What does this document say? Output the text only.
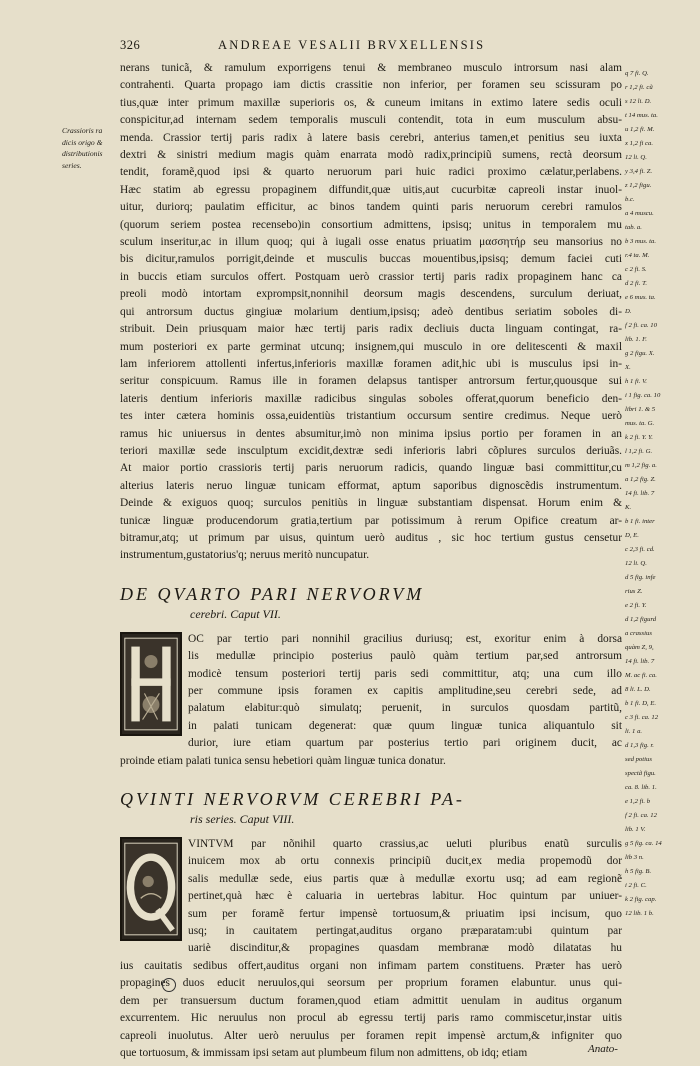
326	ANDREAE VESALII BRVXELLENSIS
Crassioris ra
dicis origo &
distributionis
series.
q 7 fi. Q.
r 1,2 fi. cũ
s 12 li. D.
t 14 mus. ta.
u 1,2 fi. M.
x 1,2 fi ca.
12 li. Q.
y 3,4 fi. Z.
z 1,2 figu.
b.c.
a 4 muscu.
tab. a.
b 3 mus. ta.
r.4 ta. M.
c 2 fi. S.
d 2 fi. T.
e 6 mus. ta.
D.
f 2 fi. ca. 10
lib. 1. F.
g 2 figu. X.
X.
h 1 fi. V.
i 1 fig. ca. 10
libri 1. & 5
mus. ta. G.
k 2 fi. Y. Y.
l 1,2 fi. G.
m 1,2 fig. a.
a 1,2 fig. Z.
14 fi. lib. 7
K.
b 1 fi. inter
D, E.
c 2,3 fi. cd.
12 li. Q.
d 5 fig. infe
rius Z.
e 2 fi. Y.
d 1,2 figurd
a crassius
quàm Z, 9,
14 fi. lib. 7
M. ac fi. ca.
8 li. L. D.
b 1 fi. D, E.
c 3 fi. ca. 12
li. 1 a.
d 1,3 fig. r.
sed potius
spectã figu.
ca. 8. lib. 1.
e 1,2 fi. b
f 2 fi. ca. 12
lib. 1 V.
g 5 fig. ca. 14
lib 3 n.
h 5 fig. B.
i 2 fi. C.
k 2 fig. cap.
12 lib. 1 b.
nerans tunicã, & ramulum exporrigens tenui & membraneo musculo introrsum nasi alam
contrahenti. Quarta propago iam dictis crassitie non inferior, per foramen seu scissuram po
tius,quæ inter primum maxillæ superioris os, & cuneum imitans in extimo latere sedis oculi
conspicitur,ad internam sedem temporalis musculi contendit, tota in eum musculum absu-
menda. Crassior tertij paris radix à latere basis cerebri, anterius tamen,et penitius seu iuxta
dextri & sinistri medium magis quàm enarrata modò radix,principiũ sumens, rectà deorsum
tendit, foramẽ,quod ipsi & quarto neruorum pari huic radici proximo cælatur,perlabens.
Hæc statim ab egressu propaginem diffundit,quæ uitis,aut cucurbitæ capreoli instar inuol-
uitur, duriorq; paulatim efficitur, ac binos tandem quinti paris neruorum cerebri ramulos
(quorum seriem postea recensebo)in consortium admittens, ipsisq; unitus in temporalem mu
sculum inseritur,ac in illum quoq; qui à iugali osse enatus priuatim μασσητήρ seu mansorius no
bis dicitur,ramulos porrigit,deinde et musculis buccas mouentibus,ipsisq; demum faciei cuti
in buccis etiam surculos offert. Postquam uerò crassior tertij paris radix propaginem hanc ca
preoli modò intortam exprompsit,nonnihil deorsum magis descendens, surculum deriuat,
qui antrorsum ductus gingiuæ molarium dentium,ipsisq; adeò dentibus seriatim soboles di-
stribuit. Dein priusquam maior hæc tertij paris radix decliuis ducta linguam contingat, ra-
mum posteriori ex parte germinat utcunq; insignem,qui musculo in ore delitescenti & maxil
lam inferiorem attollenti infertus,inferioris maxillæ foramen adit,hic ubi is musculus ipsi in-
seritur conspicuum. Ramus ille in foramen delapsus tantisper antrorsum fertur,quousque sui
lateris dentium inferioris maxillæ radicibus singulas soboles offerat,quorum beneficio den-
tes inter cætera hominis ossa,euidentiùs tristantium occursum sentire credimus. Neque uerò
ramus hic uniuersus in dentes absumitur,imò non minima ipsius portio per foramen in an
teriori maxillæ sede insculptum excidit,dextræ sedi inferioris labri cõplures surculos deriuãs.
At maior portio crassioris tertij paris neruorum radicis, quando linguæ basi committitur,cu
alterius lateris neruo linguæ tunicam efformat, aptum saporibus dignoscẽdis instrumentum.
Deinde & exiguos quoq; surculos penitiùs in linguæ substantiam dispensat. Horum enim &
tunicæ linguæ producendorum gratia,tertium par potissimum à rerum Opifice creatum ar-
bitramur,atq; ut primum par uisus, quintum uerò auditus , sic hoc tertium gustus censetur
instrumentum,gustatorius'q; neruus meritò nuncupatur.
DE QVARTO PARI NERVORVM
cerebri. Caput VII.
OC par tertio pari nonnihil gracilius duriusq; est, exoritur enim à dorsa
lis medullæ principio posterius paulò quàm tertium par,sed antrorsum
modicè tensum posteriori tertij paris sedi committitur, atq; una cum illo
per commune ipsis foramen ex capitis amplitudine,seu cerebri sede, ad
palatum elabitur:quò simulatq; peruenit, in surculos quosdam partitũ,
in palati tunicam degenerat: quæ quum linguæ tunica aliquantulo sit
durior, iure etiam quartum par posterius tertio pari originem ducit, ac
proinde etiam palati tunica sensu hebetiori quàm linguæ tunica donatur.
QVINTI NERVORVM CEREBRI PA-
ris series. Caput VIII.
VINTVM par nõnihil quarto crassius,ac ueluti pluribus enatũ surculis
inuicem mox ab ortu connexis principiũ ducit,ex media propemodũ dor
salis medullæ sede, eius partis quæ à medullæ exortu usq; ad eam regionẽ
pertinet,quà hæc è caluaria in uertebras labitur. Hoc quintum par uniuer-
sum per foramẽ fertur impensè tortuosum,& priuatim ipsi incisum, quo
usq; in cauitatem pertingat,auditus organo præparatam:ubi quintum par
uariè discinditur,& propagines quasdam membranæ modò dilatatas hu
ius cauitatis sedibus offert,auditus organi non infimam partem constituens. Præter has uerò
propagines duos educit neruulos,qui seorsum per proprium foramen elabuntur. unus qui-
dem per transuersum ductum foramen,quod etiam admittit uenulam in auditus organum
excurrentem. Hic neruulus non procul ab egressu tertij paris ramo commiscetur,instar uitis
capreoli inuolutus. Alter uerò neruulus per foramen repit impensè arctum,& infigniter quo
que tortuosum, & immissam ipsi setam aut plumbeum filum non admittens, ob idq; etiam	Anato-
